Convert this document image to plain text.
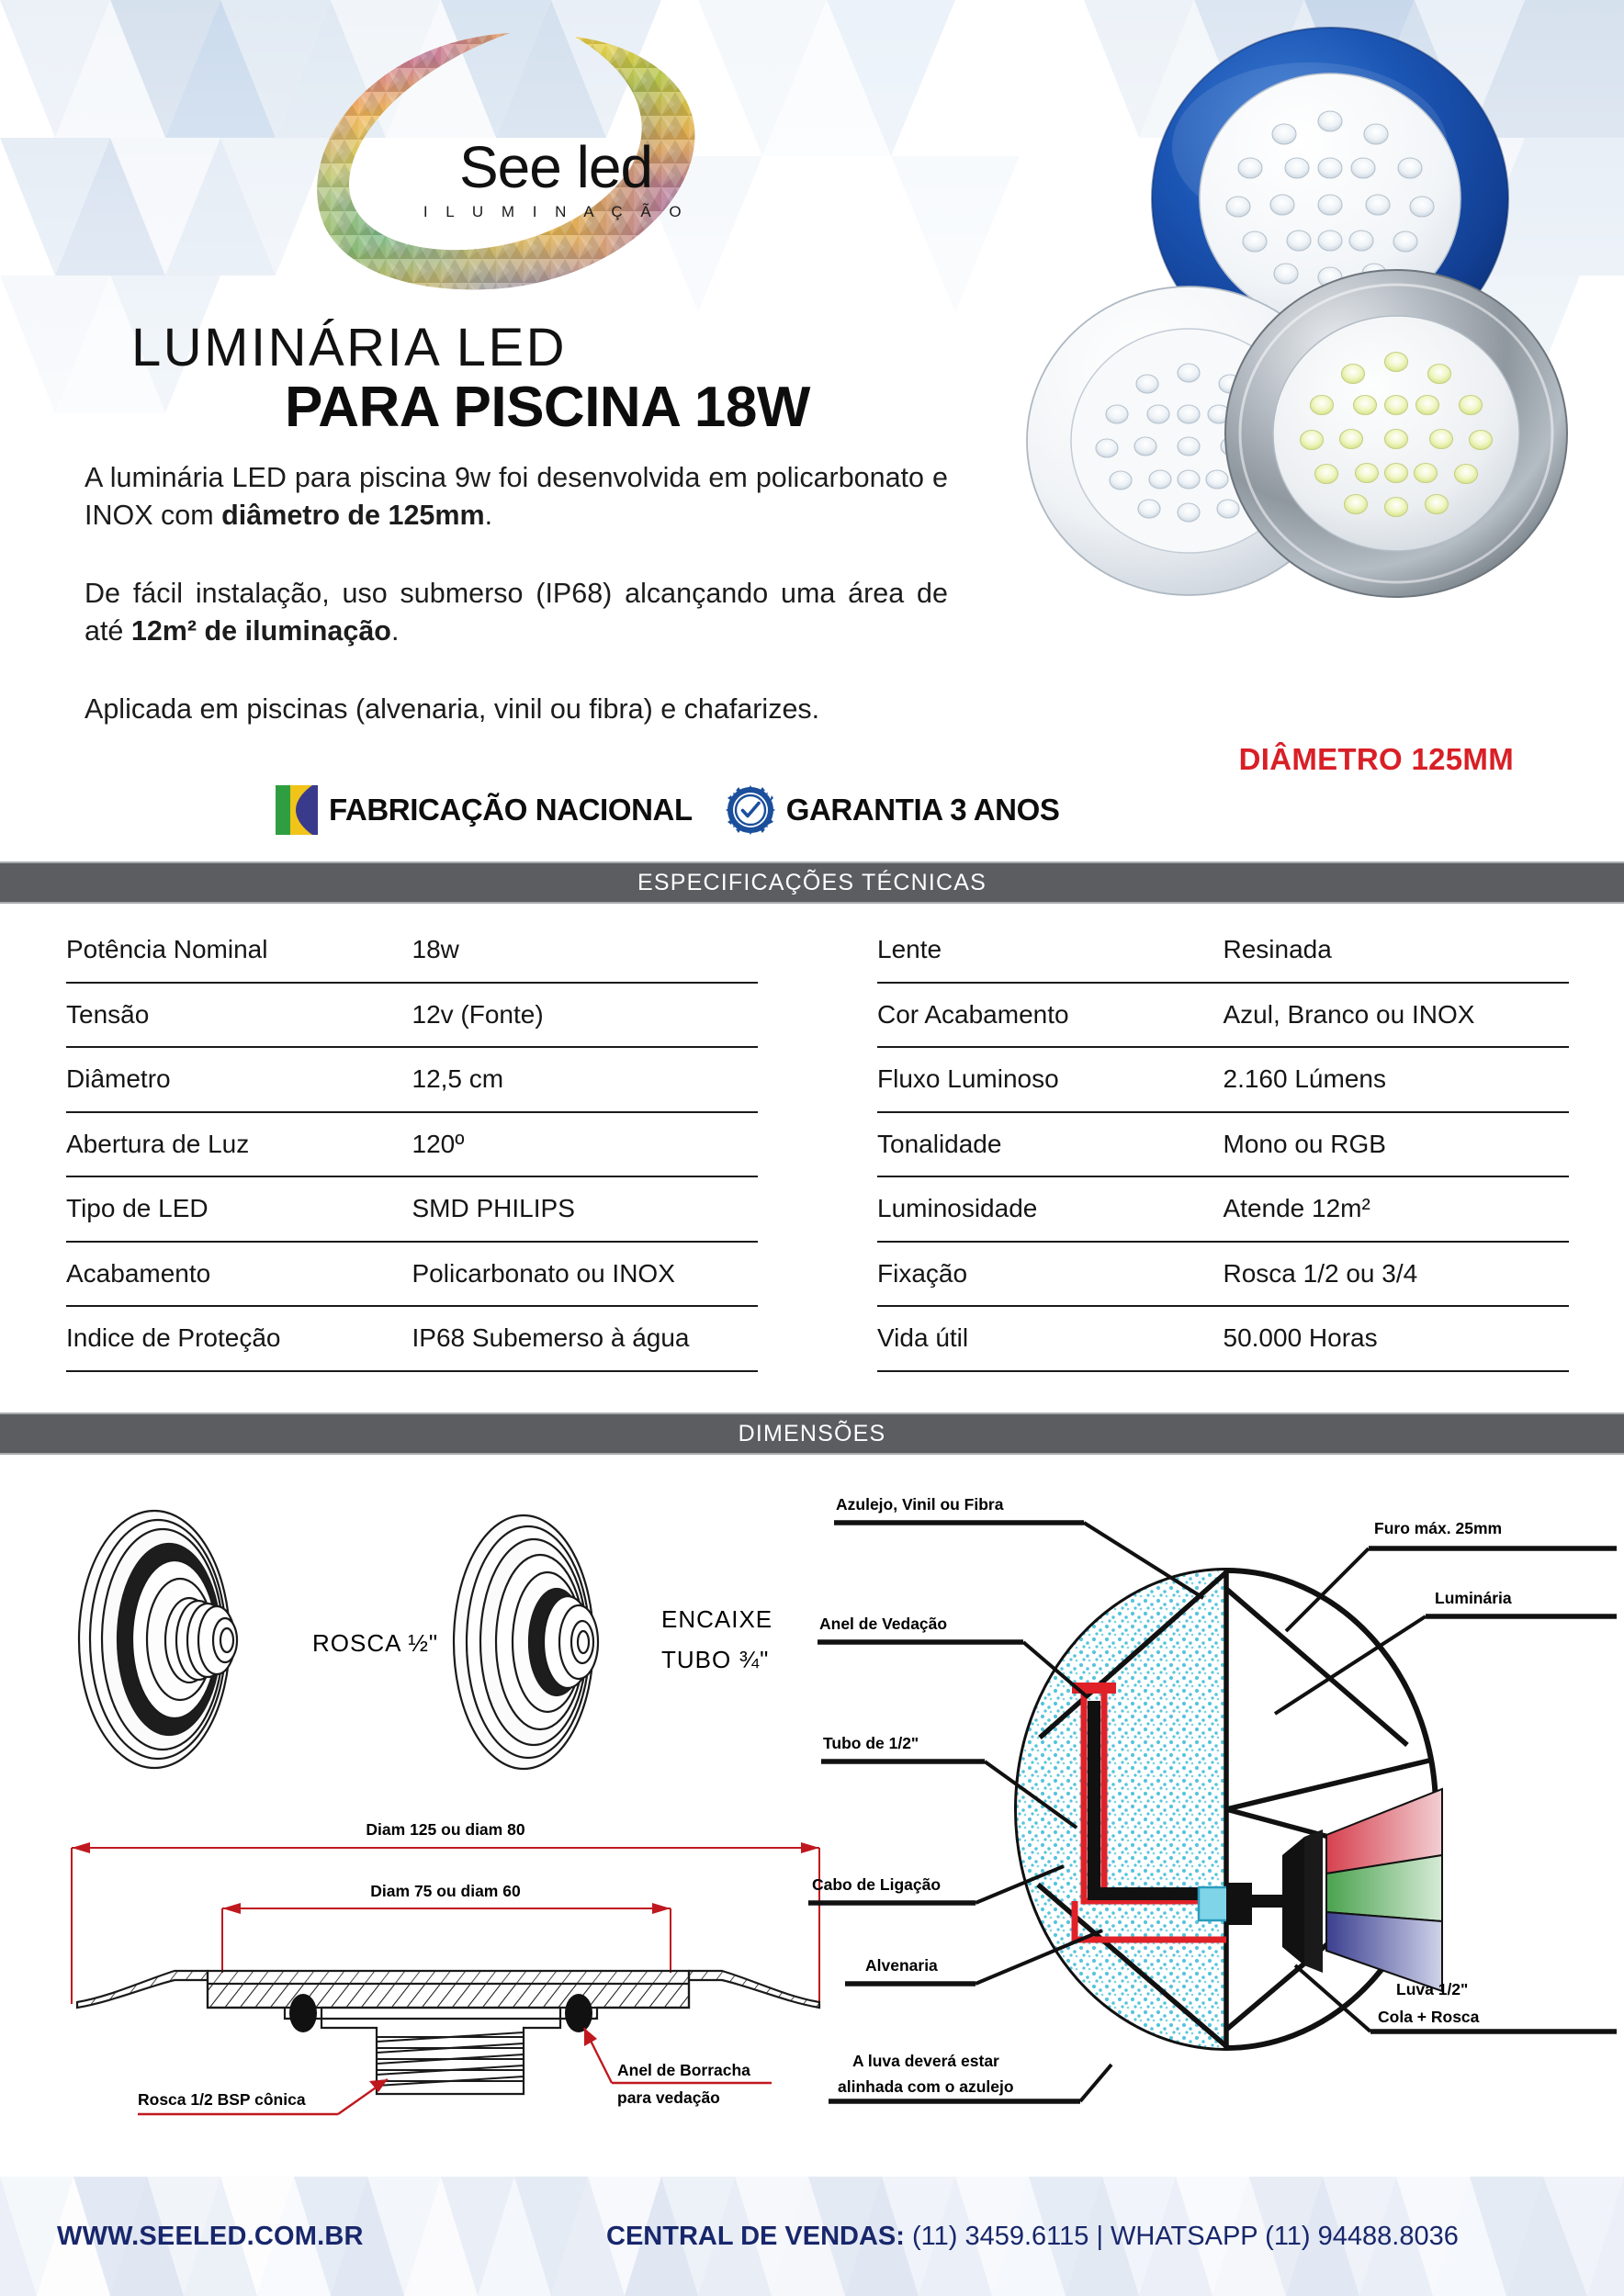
See led
I L U M I N A Ç Ã O
LUMINÁRIA LED
PARA PISCINA 18W
A luminária LED para piscina 9w foi desenvolvida em policarbonato e INOX com diâmetro de 125mm.
De fácil instalação, uso submerso (IP68) alcançando uma área de até 12m² de iluminação.
Aplicada em piscinas (alvenaria, vinil ou fibra) e chafarizes.
FABRICAÇÃO NACIONAL	GARANTIA 3 ANOS
DIÂMETRO 125MM
ESPECIFICAÇÕES TÉCNICAS
Potência Nominal	18w
Tensão	12v (Fonte)
Diâmetro	12,5 cm
Abertura de Luz	120º
Tipo de LED	SMD PHILIPS
Acabamento	Policarbonato ou INOX
Indice de Proteção	IP68 Subemerso à água
Lente	Resinada
Cor Acabamento	Azul, Branco ou INOX
Fluxo Luminoso	2.160 Lúmens
Tonalidade	Mono ou RGB
Luminosidade	Atende 12m²
Fixação	Rosca 1/2 ou 3/4
Vida útil	50.000 Horas
DIMENSÕES
ROSCA ½"
ENCAIXE
TUBO ¾"
Diam 125 ou diam 80
Diam 75 ou diam 60
Rosca 1/2 BSP cônica
Anel de Borracha
para vedação
Azulejo, Vinil ou Fibra
Anel de Vedação
Tubo de 1/2"
Cabo de Ligação
Alvenaria
A luva deverá estar
alinhada com o azulejo
Furo máx. 25mm
Luminária
Luva 1/2"
Cola + Rosca
WWW.SEELED.COM.BR	CENTRAL DE VENDAS: (11) 3459.6115 | WHATSAPP (11) 94488.8036
